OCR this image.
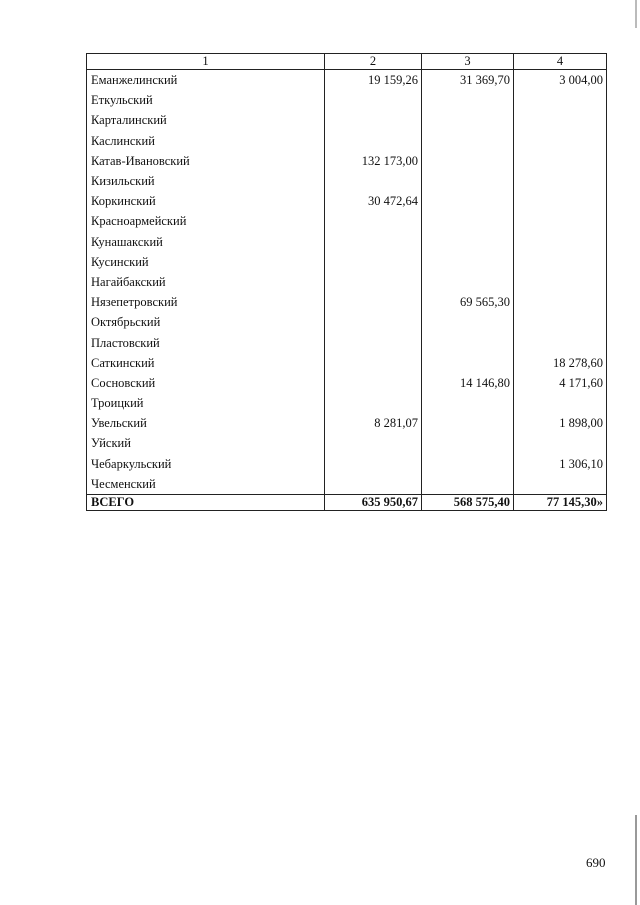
1	2	3	4
Еманжелинский	19 159,26	31 369,70	3 004,00
Еткульский			
Карталинский			
Каслинский			
Катав-Ивановский	132 173,00		
Кизильский			
Коркинский	30 472,64		
Красноармейский			
Кунашакский			
Кусинский			
Нагайбакский			
Нязепетровский		69 565,30	
Октябрьский			
Пластовский			
Саткинский			18 278,60
Сосновский		14 146,80	4 171,60
Троицкий			
Увельский	8 281,07		1 898,00
Уйский			
Чебаркульский			1 306,10
Чесменский			
ВСЕГО	635 950,67	568 575,40	77 145,30»
690
